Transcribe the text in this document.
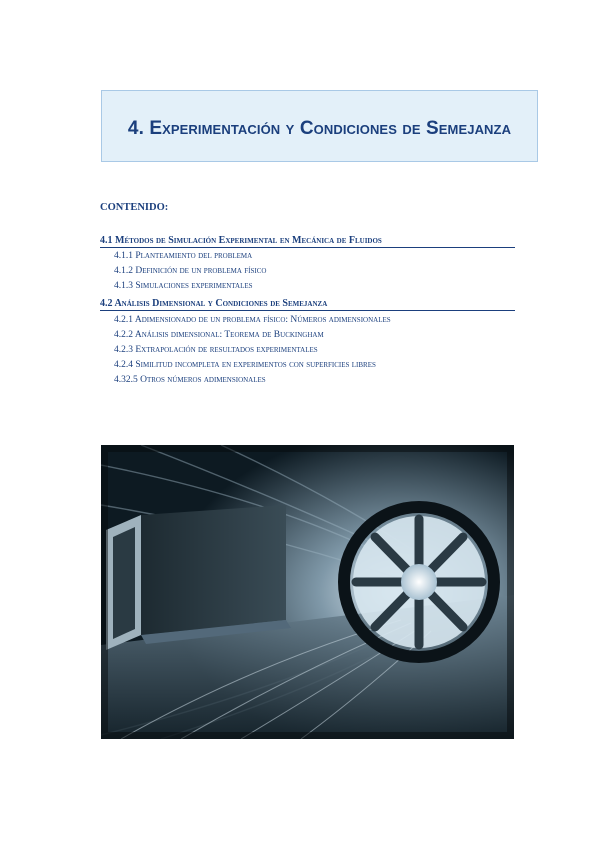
4. Experimentación y Condiciones de Semejanza
CONTENIDO:
4.1 Métodos de Simulación Experimental en Mecánica de Fluidos
4.1.1 Planteamiento del problema
4.1.2 Definición de un problema físico
4.1.3 Simulaciones experimentales
4.2 Análisis Dimensional y Condiciones de Semejanza
4.2.1 Adimensionado de un problema físico: Números adimensionales
4.2.2 Análisis dimensional: Teorema de Buckingham
4.2.3 Extrapolación de resultados experimentales
4.2.4 Similitud incompleta en experimentos con superficies libres
4.32.5 Otros números adimensionales
